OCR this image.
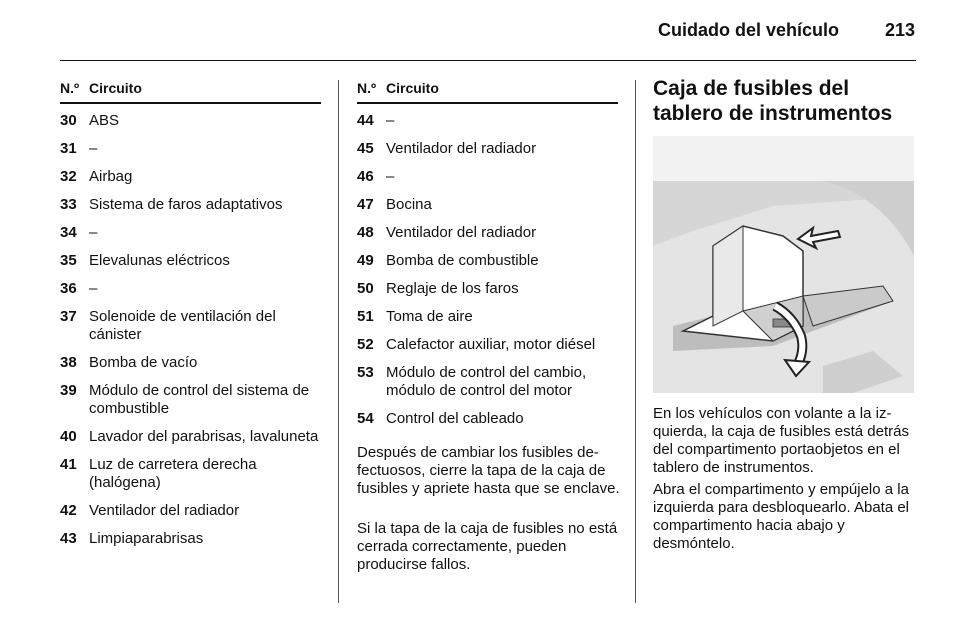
Cuidado del vehículo	213
N.º Circuito
30 ABS
31 –
32 Airbag
33 Sistema de faros adaptativos
34 –
35 Elevalunas eléctricos
36 –
37 Solenoide de ventilación del cánister
38 Bomba de vacío
39 Módulo de control del sistema de combustible
40 Lavador del parabrisas, lavaluneta
41 Luz de carretera derecha (halógena)
42 Ventilador del radiador
43 Limpiaparabrisas
N.º Circuito
44 –
45 Ventilador del radiador
46 –
47 Bocina
48 Ventilador del radiador
49 Bomba de combustible
50 Reglaje de los faros
51 Toma de aire
52 Calefactor auxiliar, motor diésel
53 Módulo de control del cambio, módulo de control del motor
54 Control del cableado
Después de cambiar los fusibles defectuosos, cierre la tapa de la caja de fusibles y apriete hasta que se enclave.
Si la tapa de la caja de fusibles no está cerrada correctamente, pueden producirse fallos.
Caja de fusibles del tablero de instrumentos
En los vehículos con volante a la izquierda, la caja de fusibles está detrás del compartimento portaobjetos en el tablero de instrumentos.
Abra el compartimento y empújelo a la izquierda para desbloquearlo. Abata el compartimento hacia abajo y desmóntelo.
